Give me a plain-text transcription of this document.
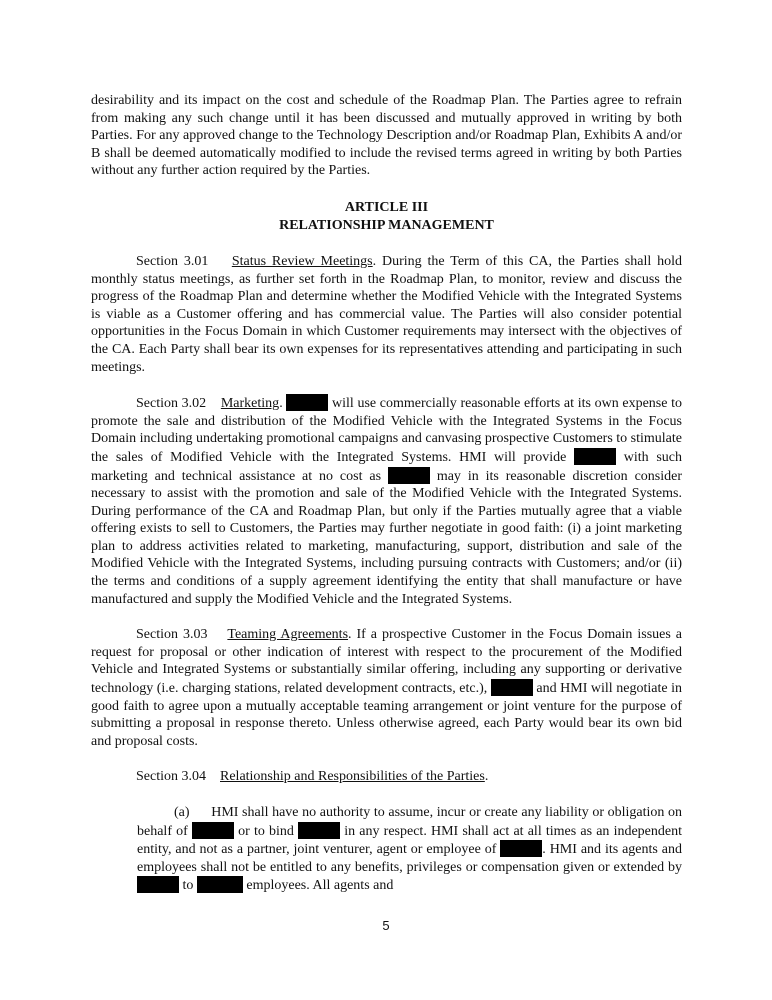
desirability and its impact on the cost and schedule of the Roadmap Plan. The Parties agree to refrain from making any such change until it has been discussed and mutually approved in writing by both Parties. For any approved change to the Technology Description and/or Roadmap Plan, Exhibits A and/or B shall be deemed automatically modified to include the revised terms agreed in writing by both Parties without any further action required by the Parties.

ARTICLE III

RELATIONSHIP MANAGEMENT

Section 3.01 Status Review Meetings. During the Term of this CA, the Parties shall hold monthly status meetings, as further set forth in the Roadmap Plan, to monitor, review and discuss the progress of the Roadmap Plan and determine whether the Modified Vehicle with the Integrated Systems is viable as a Customer offering and has commercial value. The Parties will also consider potential opportunities in the Focus Domain in which Customer requirements may intersect with the objectives of the CA. Each Party shall bear its own expenses for its representatives attending and participating in such meetings.

Section 3.02 Marketing.	will use commercially reasonable efforts at its own expense to promote the sale and distribution of the Modified Vehicle with the Integrated Systems in the Focus Domain including undertaking promotional campaigns and canvasing prospective Customers to stimulate the sales of Modified Vehicle with the Integrated Systems. HMI will provide	with such marketing and technical assistance at no cost as	may in its reasonable discretion consider necessary to assist with the promotion and sale of the Modified Vehicle with the Integrated Systems. During performance of the CA and Roadmap Plan, but only if the Parties mutually agree that a viable offering exists to sell to Customers, the Parties may further negotiate in good faith: (i) a joint marketing plan to address activities related to marketing, manufacturing, support, distribution and sale of the Modified Vehicle with the Integrated Systems, including pursuing contracts with Customers; and/or (ii) the terms and conditions of a supply agreement identifying the entity that shall manufacture or have manufactured and supply the Modified Vehicle and the Integrated Systems.

Section 3.03 Teaming Agreements. If a prospective Customer in the Focus Domain issues a request for proposal or other indication of interest with respect to the procurement of the Modified Vehicle and Integrated Systems or substantially similar offering, including any supporting or derivative technology (i.e. charging stations, related development contracts, etc.),	and HMI will negotiate in good faith to agree upon a mutually acceptable teaming arrangement or joint venture for the purpose of submitting a proposal in response thereto. Unless otherwise agreed, each Party would bear its own bid and proposal costs.

Section 3.04 Relationship and Responsibilities of the Parties.

(a) HMI shall have no authority to assume, incur or create any liability or obligation on behalf of	or to bind	in any respect. HMI shall act at all times as an independent entity, and not as a partner, joint venturer, agent or employee of	. HMI and its agents and employees shall not be entitled to any benefits, privileges or compensation given or extended by  to	employees. All agents and

5
